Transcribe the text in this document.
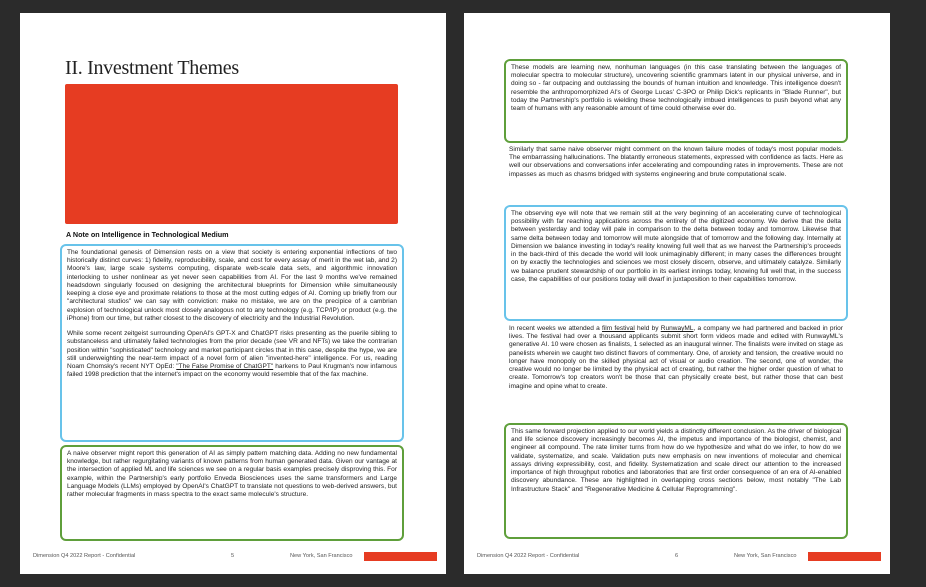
II. Investment Themes
A Note on Intelligence in Technological Medium

The foundational genesis of Dimension rests on a view that society is entering exponential inflections of two historically distinct curves: 1) fidelity, reproducibility, scale, and cost for every assay of merit in the wet lab, and 2) Moore's law, large scale systems computing, disparate web-scale data sets, and algorithmic innovation interlocking to usher nonlinear as yet never seen capabilities from AI. For the last 9 months we've remained headsdown singularly focused on designing the architectural blueprints for Dimension while simultaneously keeping a close eye and proximate relations to those at the most cutting edges of AI. Coming up briefly from our "architectural studios" we can say with conviction: make no mistake, we are on the precipice of a cambrian explosion of technological unlock most closely analogous not to any technology (e.g. TCP/IP) or product (e.g. the iPhone) from our time, but rather closest to the discovery of electricity and the Industrial Revolution.

While some recent zeitgeist surrounding OpenAI's GPT-X and ChatGPT risks presenting as the puerile sibling to substanceless and ultimately failed technologies from the prior decade (see VR and NFTs) we take the contrarian position within "sophisticated" technology and market participant circles that in this case, despite the hype, we are still underweighting the near-term impact of a novel form of alien "invented-here" intelligence. For us, reading Noam Chomsky's recent NYT OpEd: "The False Promise of ChatGPT" harkens to Paul Krugman's now infamous failed 1998 prediction that the internet's impact on the economy would resemble that of the fax machine.

A naive observer might report this generation of AI as simply pattern matching data. Adding no new fundamental knowledge, but rather regurgitating variants of known patterns from human generated data. Given our vantage at the intersection of applied ML and life sciences we see on a regular basis examples precisely disproving this. For example, within the Partnership's early portfolio Enveda Biosciences uses the same transformers and Large Language Models (LLMs) employed by OpenAI's ChatGPT to translate not questions to web-derived answers, but rather molecular fragments in mass spectra to the exact same molecule's structure.

Dimension Q4 2022 Report - Confidential	5	New York, San Francisco

These models are learning new, nonhuman languages (in this case translating between the languages of molecular spectra to molecular structure), uncovering scientific grammars latent in our physical universe, and in doing so - far outpacing and outclassing the bounds of human intuition and knowledge. This intelligence doesn't resemble the anthropomorphized AI's of George Lucas' C-3PO or Philip Dick's replicants in "Blade Runner", but today the Partnership's portfolio is wielding these technologically imbued intelligences to push beyond what any team of humans with any reasonable amount of time could otherwise ever do.

Similarly that same naive observer might comment on the known failure modes of today's most popular models. The embarrassing hallucinations. The blatantly erroneous statements, expressed with confidence as facts. Here as well our observations and conversations infer accelerating and compounding rates in improvements. These are not impasses as much as chasms bridged with systems engineering and brute computational scale.

The observing eye will note that we remain still at the very beginning of an accelerating curve of technological possibility with far reaching applications across the entirety of the digitized economy. We derive that the delta between yesterday and today will pale in comparison to the delta between today and tomorrow. Likewise that same delta between today and tomorrow will mute alongside that of tomorrow and the following day. Internally at Dimension we balance investing in today's reality knowing full well that as we harvest the Partnership's proceeds in the back-third of this decade the world will look unimaginably different; in many cases the differences brought on by exactly the technologies and sciences we most closely discern, observe, and ultimately catalyze. Similarly we balance prudent stewardship of our portfolio in its earliest innings today, knowing full well that, in the success case, the capabilities of our positions today will dwarf in juxtaposition to their capabilities tomorrow.

In recent weeks we attended a film festival held by RunwayML, a company we had partnered and backed in prior lives. The festival had over a thousand applicants submit short form videos made and edited with RunwayML's generative AI. 10 were chosen as finalists, 1 selected as an inaugural winner. The finalists were invited on stage as panelists wherein we caught two distinct flavors of commentary. One, of anxiety and tension, the creative would no longer have monopoly on the skilled physical act of visual or audio creation. The second, one of wonder, the creative would no longer be limited by the physical act of creating, but rather the higher order question of what to create. Tomorrow's top creators won't be those that can physically create best, but rather those that can best imagine and opine what to create.

This same forward projection applied to our world yields a distinctly different conclusion. As the driver of biological and life science discovery increasingly becomes AI, the impetus and importance of the biologist, chemist, and engineer all compound. The rate limiter turns from how do we hypothesize and what do we infer, to how do we validate, systematize, and scale. Validation puts new emphasis on new inventions of molecular and chemical assays driving expressibility, cost, and fidelity. Systematization and scale direct our attention to the increased importance of high throughput robotics and laboratories that are first order consequence of an era of AI-enabled discovery abundance. These are highlighted in overlapping cross sections below, most notably "The Lab Infrastructure Stack" and "Regenerative Medicine & Cellular Reprogramming".

Dimension Q4 2022 Report - Confidential	6	New York, San Francisco
